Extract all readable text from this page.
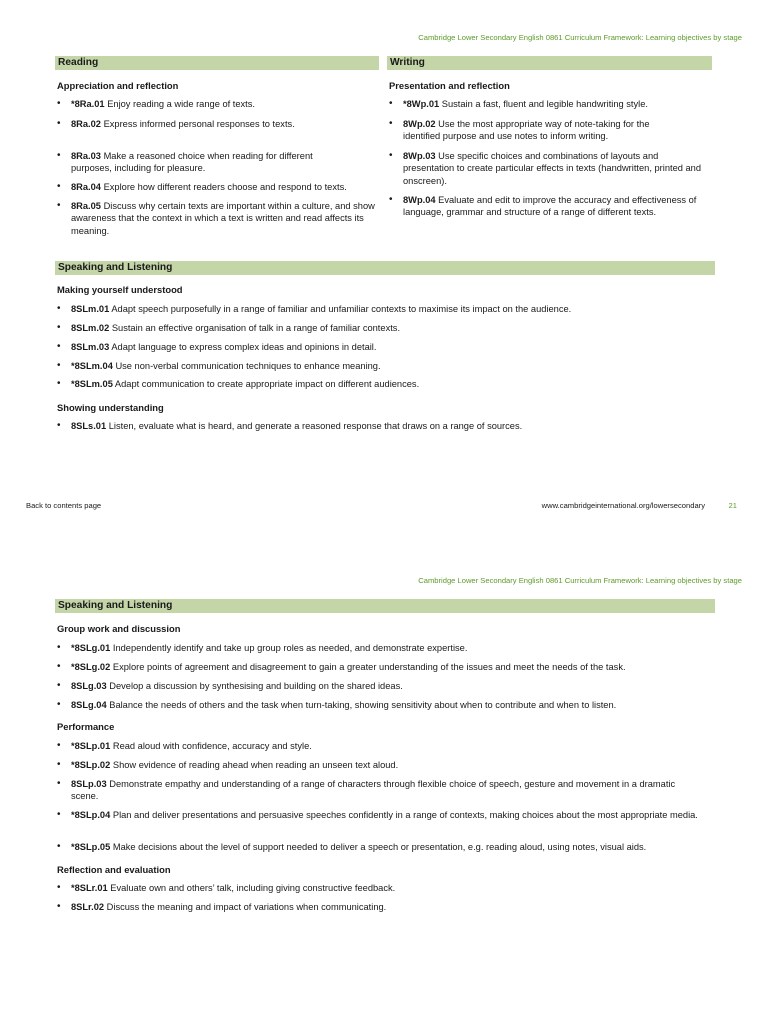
Cambridge Lower Secondary English 0861 Curriculum Framework: Learning objectives by stage
Reading
Appreciation and reflection
• *8Ra.01 Enjoy reading a wide range of texts.
• 8Ra.02 Express informed personal responses to texts.
• 8Ra.03 Make a reasoned choice when reading for different purposes, including for pleasure.
• 8Ra.04 Explore how different readers choose and respond to texts.
• 8Ra.05 Discuss why certain texts are important within a culture, and show awareness that the context in which a text is written and read affects its meaning.
Writing
Presentation and reflection
• *8Wp.01 Sustain a fast, fluent and legible handwriting style.
• 8Wp.02 Use the most appropriate way of note-taking for the identified purpose and use notes to inform writing.
• 8Wp.03 Use specific choices and combinations of layouts and presentation to create particular effects in texts (handwritten, printed and onscreen).
• 8Wp.04 Evaluate and edit to improve the accuracy and effectiveness of language, grammar and structure of a range of different texts.
Speaking and Listening
Making yourself understood
• 8SLm.01 Adapt speech purposefully in a range of familiar and unfamiliar contexts to maximise its impact on the audience.
• 8SLm.02 Sustain an effective organisation of talk in a range of familiar contexts.
• 8SLm.03 Adapt language to express complex ideas and opinions in detail.
• *8SLm.04 Use non-verbal communication techniques to enhance meaning.
• *8SLm.05 Adapt communication to create appropriate impact on different audiences.
Showing understanding
• 8SLs.01 Listen, evaluate what is heard, and generate a reasoned response that draws on a range of sources.
Back to contents page	www.cambridgeinternational.org/lowersecondary	21
Cambridge Lower Secondary English 0861 Curriculum Framework: Learning objectives by stage
Speaking and Listening
Group work and discussion
• *8SLg.01 Independently identify and take up group roles as needed, and demonstrate expertise.
• *8SLg.02 Explore points of agreement and disagreement to gain a greater understanding of the issues and meet the needs of the task.
• 8SLg.03 Develop a discussion by synthesising and building on the shared ideas.
• 8SLg.04 Balance the needs of others and the task when turn-taking, showing sensitivity about when to contribute and when to listen.
Performance
• *8SLp.01 Read aloud with confidence, accuracy and style.
• *8SLp.02 Show evidence of reading ahead when reading an unseen text aloud.
• 8SLp.03 Demonstrate empathy and understanding of a range of characters through flexible choice of speech, gesture and movement in a dramatic scene.
• *8SLp.04 Plan and deliver presentations and persuasive speeches confidently in a range of contexts, making choices about the most appropriate media.
• *8SLp.05 Make decisions about the level of support needed to deliver a speech or presentation, e.g. reading aloud, using notes, visual aids.
Reflection and evaluation
• *8SLr.01 Evaluate own and others’ talk, including giving constructive feedback.
• 8SLr.02 Discuss the meaning and impact of variations when communicating.
